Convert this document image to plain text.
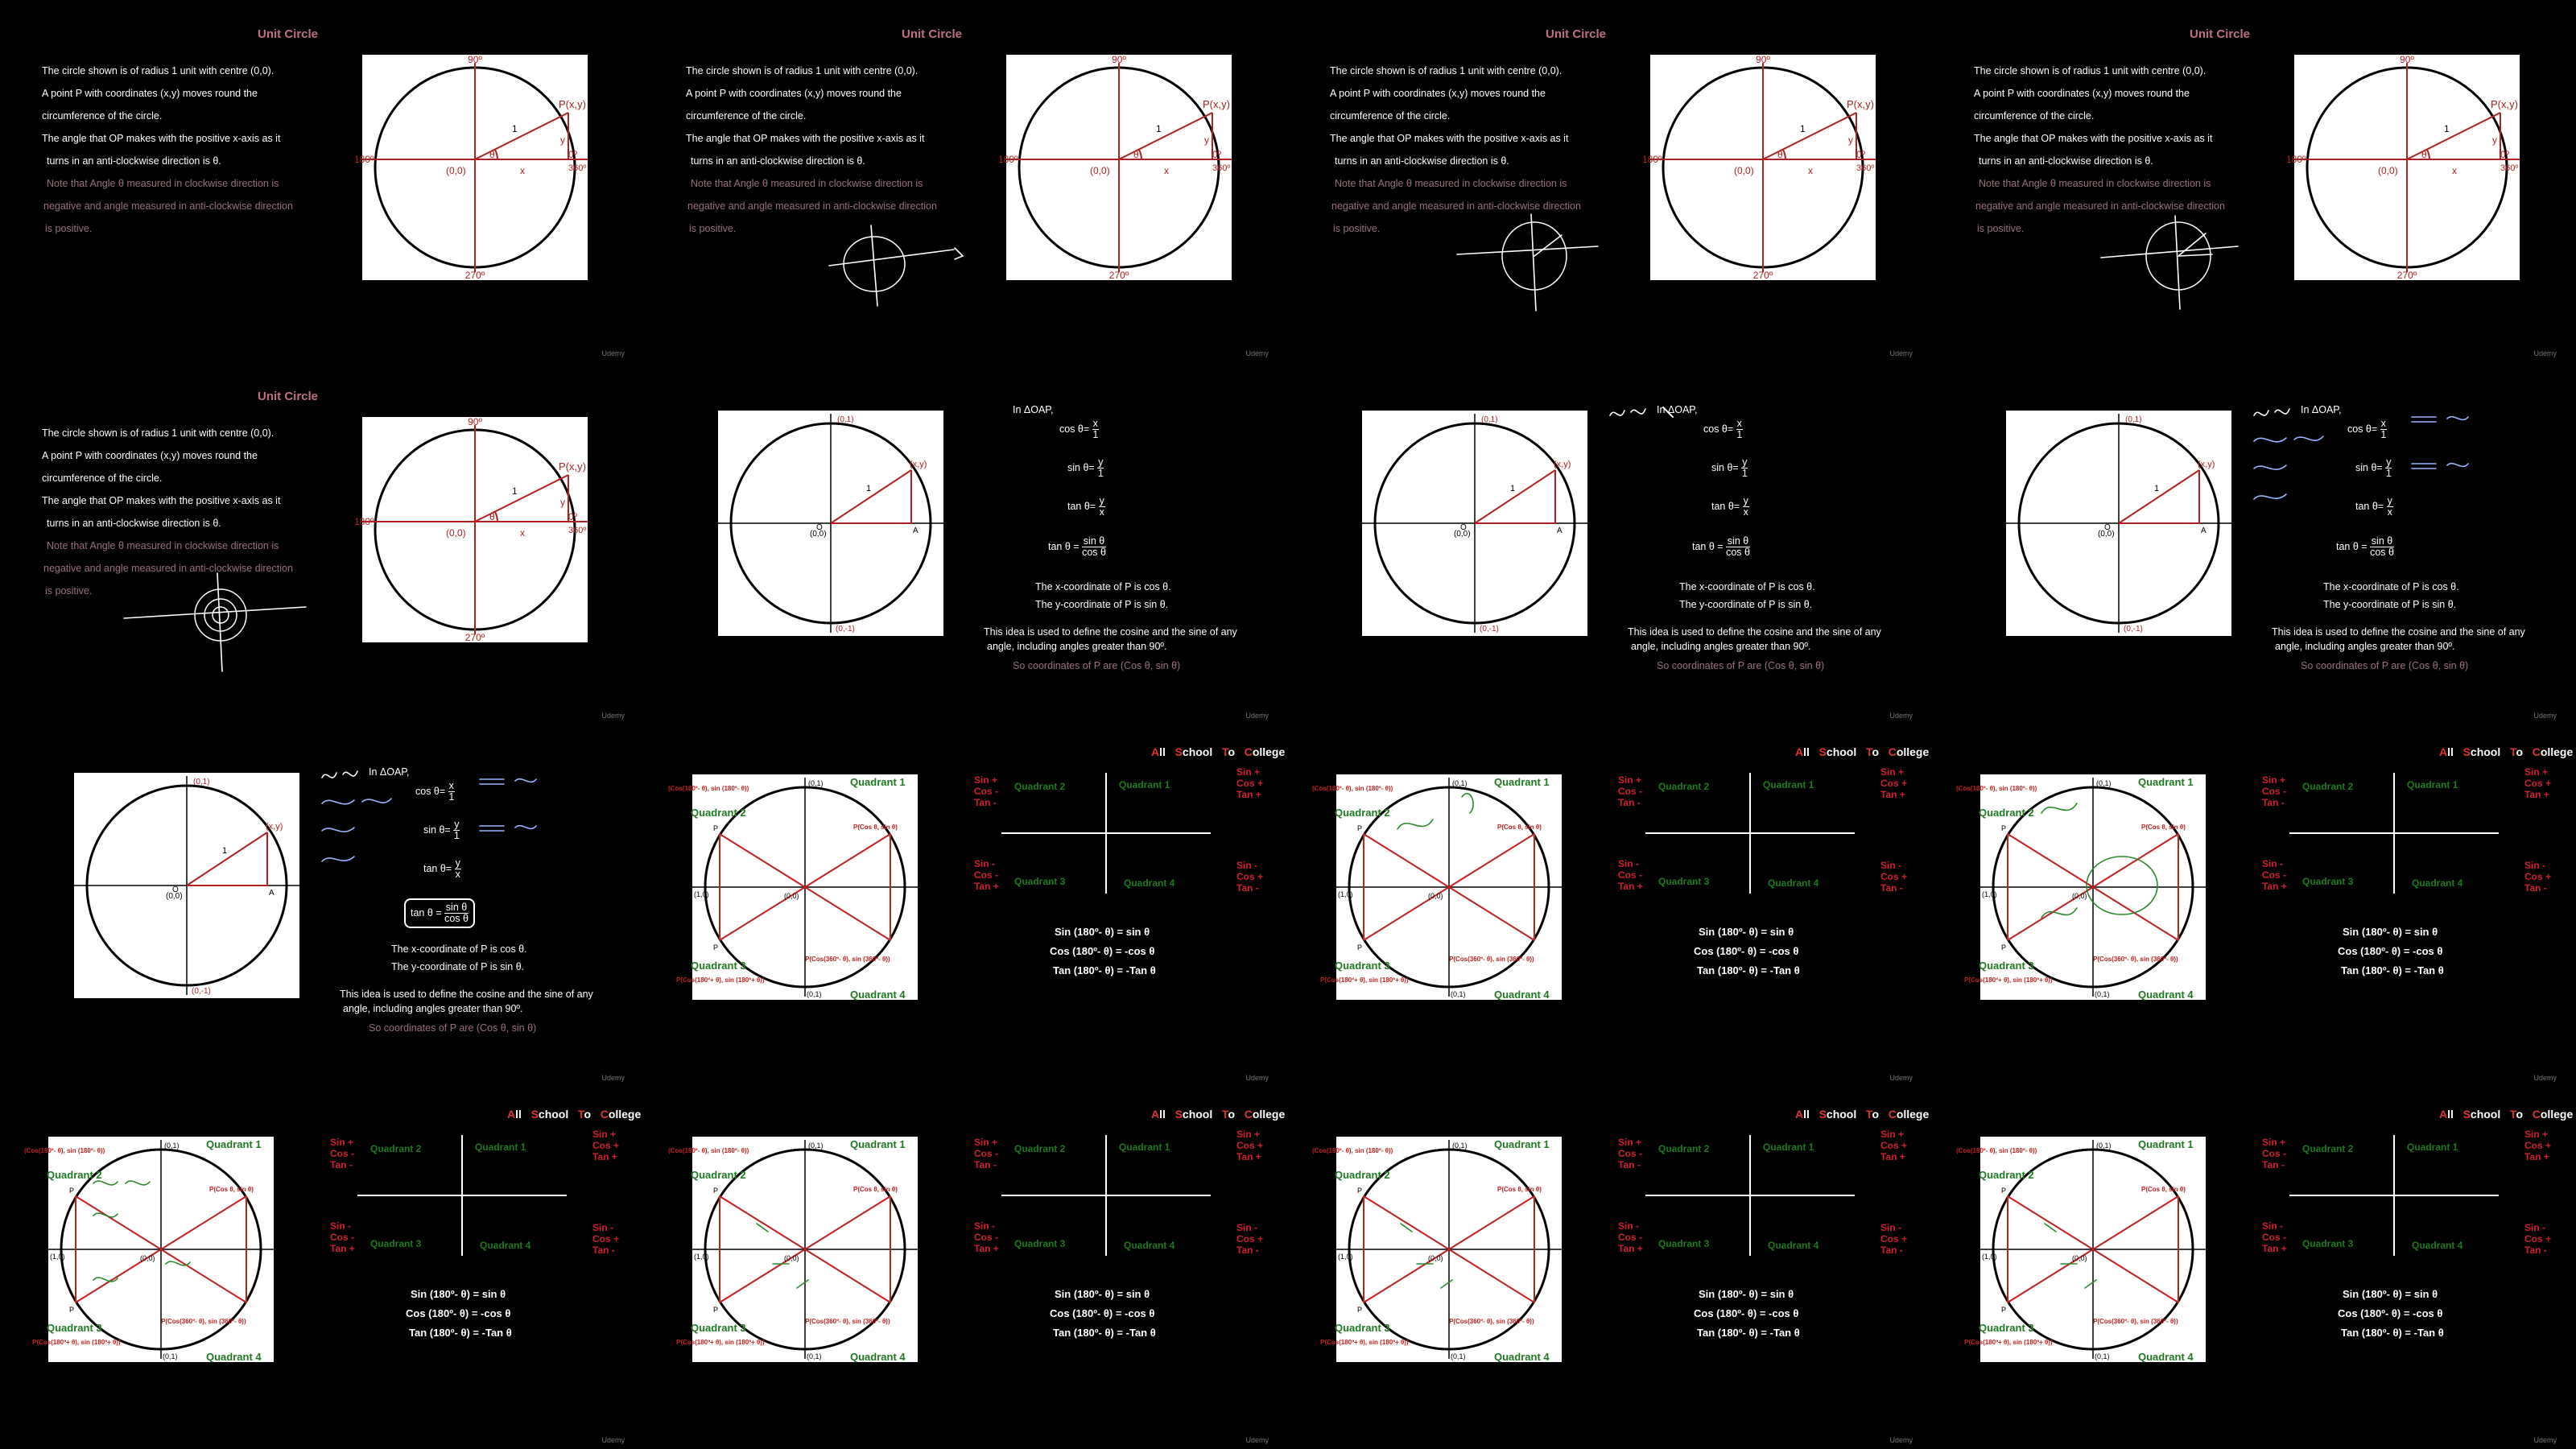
Unit Circle

The circle shown is of radius 1 unit with centre (0,0).

A point P with coordinates (x,y) moves round the

circumference of the circle.

The angle that OP makes with the positive x-axis as it

turns in an anti-clockwise direction is θ.

Note that Angle θ measured in clockwise direction is

negative and angle measured in anti-clockwise direction

is positive.

90º
270º
180º	0º
360º
P(x,y)
(0,0)
1
x
y
θ
Udemy
Unit Circle

The circle shown is of radius 1 unit with centre (0,0).

A point P with coordinates (x,y) moves round the

circumference of the circle.

The angle that OP makes with the positive x-axis as it

turns in an anti-clockwise direction is θ.

Note that Angle θ measured in clockwise direction is

negative and angle measured in anti-clockwise direction

is positive.

90º
270º
180º	0º
360º
P(x,y)
(0,0)
1
x
y
θ
Udemy
Unit Circle

The circle shown is of radius 1 unit with centre (0,0).

A point P with coordinates (x,y) moves round the

circumference of the circle.

The angle that OP makes with the positive x-axis as it

turns in an anti-clockwise direction is θ.

Note that Angle θ measured in clockwise direction is

negative and angle measured in anti-clockwise direction

is positive.

90º
270º
180º	0º
360º
P(x,y)
(0,0)
1
x
y
θ
Udemy
Unit Circle

The circle shown is of radius 1 unit with centre (0,0).

A point P with coordinates (x,y) moves round the

circumference of the circle.

The angle that OP makes with the positive x-axis as it

turns in an anti-clockwise direction is θ.

Note that Angle θ measured in clockwise direction is

negative and angle measured in anti-clockwise direction

is positive.

90º
270º
180º	0º
360º
P(x,y)
(0,0)
1
x
y
θ
Udemy
Unit Circle

The circle shown is of radius 1 unit with centre (0,0).

A point P with coordinates (x,y) moves round the

circumference of the circle.

The angle that OP makes with the positive x-axis as it

turns in an anti-clockwise direction is θ.

Note that Angle θ measured in clockwise direction is

negative and angle measured in anti-clockwise direction

is positive.

90º
270º
180º	0º
360º
P(x,y)
(0,0)
1
x
y
θ
Udemy
(0,1)
(0,-1)
(x,y)
(0,0)
O	A
1
In ΔOAP,
$\cos \theta= \frac{x}{1}$
$\sin \theta= \frac{y}{1}$
$\tan \theta= \frac{y}{x}$
$\tan \theta = \frac{\text{sin θ}}{\text{cos θ}}$
The x-coordinate of P is cos θ.
The y-coordinate of P is sin θ.
This idea is used to define the cosine and the sine of any
angle, including angles greater than 90º.
So coordinates of P are (Cos θ, sin θ)
Udemy
(0,1)
(0,-1)
(x,y)
(0,0)
O	A
1
In ΔOAP,
$\cos \theta= \frac{x}{1}$
$\sin \theta= \frac{y}{1}$
$\tan \theta= \frac{y}{x}$
$\tan \theta = \frac{\text{sin θ}}{\text{cos θ}}$
The x-coordinate of P is cos θ.
The y-coordinate of P is sin θ.
This idea is used to define the cosine and the sine of any
angle, including angles greater than 90º.
So coordinates of P are (Cos θ, sin θ)
Udemy
(0,1)
(0,-1)
(x,y)
(0,0)
O	A
1
In ΔOAP,
$\cos \theta= \frac{x}{1}$
$\sin \theta= \frac{y}{1}$
$\tan \theta= \frac{y}{x}$
$\tan \theta = \frac{\text{sin θ}}{\text{cos θ}}$
The x-coordinate of P is cos θ.
The y-coordinate of P is sin θ.
This idea is used to define the cosine and the sine of any
angle, including angles greater than 90º.
So coordinates of P are (Cos θ, sin θ)
Udemy
(0,1)
(0,-1)
(x,y)
(0,0)
O	A
1
In ΔOAP,
$\cos \theta= \frac{x}{1}$
$\sin \theta= \frac{y}{1}$
$\tan \theta= \frac{y}{x}$
$\tan \theta = \frac{\text{sin θ}}{\text{cos θ}}$
The x-coordinate of P is cos θ.
The y-coordinate of P is sin θ.
This idea is used to define the cosine and the sine of any
angle, including angles greater than 90º.
So coordinates of P are (Cos θ, sin θ)
Udemy
Quadrant 1
Quadrant 2
Quadrant 3
Quadrant 4
P(Cos θ, sin θ)
(Cos(180º- θ), sin (180º- θ))
P(Cos(180º+ θ), sin (180º+ θ))
P(Cos(360º- θ), sin (360º- θ))
(0,1)
(0,1)
(1,0)	(0,0)
P
P
All School To College
Quadrant 2	Quadrant 1
Quadrant 3	Quadrant 4
Sin +
Cos -
Tan -
Sin +
Cos +
Tan +
Sin -
Cos -
Tan +
Sin -
Cos +
Tan -
Sin (180º- θ) = sin θ
Cos (180º- θ) = -cos θ
Tan (180º- θ) = -Tan θ
Udemy
Quadrant 1
Quadrant 2
Quadrant 3
Quadrant 4
P(Cos θ, sin θ)
(Cos(180º- θ), sin (180º- θ))
P(Cos(180º+ θ), sin (180º+ θ))
P(Cos(360º- θ), sin (360º- θ))
(0,1)
(0,1)
(1,0)	(0,0)
P
P
All School To College
Quadrant 2	Quadrant 1
Quadrant 3	Quadrant 4
Sin +
Cos -
Tan -
Sin +
Cos +
Tan +
Sin -
Cos -
Tan +
Sin -
Cos +
Tan -
Sin (180º- θ) = sin θ
Cos (180º- θ) = -cos θ
Tan (180º- θ) = -Tan θ
Udemy
Quadrant 1
Quadrant 2
Quadrant 3
Quadrant 4
P(Cos θ, sin θ)
(Cos(180º- θ), sin (180º- θ))
P(Cos(180º+ θ), sin (180º+ θ))
P(Cos(360º- θ), sin (360º- θ))
(0,1)
(0,1)
(1,0)	(0,0)
P
P
All School To College
Quadrant 2	Quadrant 1
Quadrant 3	Quadrant 4
Sin +
Cos -
Tan -
Sin +
Cos +
Tan +
Sin -
Cos -
Tan +
Sin -
Cos +
Tan -
Sin (180º- θ) = sin θ
Cos (180º- θ) = -cos θ
Tan (180º- θ) = -Tan θ
Udemy
Quadrant 1
Quadrant 2
Quadrant 3
Quadrant 4
P(Cos θ, sin θ)
(Cos(180º- θ), sin (180º- θ))
P(Cos(180º+ θ), sin (180º+ θ))
P(Cos(360º- θ), sin (360º- θ))
(0,1)
(0,1)
(1,0)	(0,0)
P
P
All School To College
Quadrant 2	Quadrant 1
Quadrant 3	Quadrant 4
Sin +
Cos -
Tan -
Sin +
Cos +
Tan +
Sin -
Cos -
Tan +
Sin -
Cos +
Tan -
Sin (180º- θ) = sin θ
Cos (180º- θ) = -cos θ
Tan (180º- θ) = -Tan θ
Udemy
Quadrant 1
Quadrant 2
Quadrant 3
Quadrant 4
P(Cos θ, sin θ)
(Cos(180º- θ), sin (180º- θ))
P(Cos(180º+ θ), sin (180º+ θ))
P(Cos(360º- θ), sin (360º- θ))
(0,1)
(0,1)
(1,0)	(0,0)
P
P
All School To College
Quadrant 2	Quadrant 1
Quadrant 3	Quadrant 4
Sin +
Cos -
Tan -
Sin +
Cos +
Tan +
Sin -
Cos -
Tan +
Sin -
Cos +
Tan -
Sin (180º- θ) = sin θ
Cos (180º- θ) = -cos θ
Tan (180º- θ) = -Tan θ
Udemy
Quadrant 1
Quadrant 2
Quadrant 3
Quadrant 4
P(Cos θ, sin θ)
(Cos(180º- θ), sin (180º- θ))
P(Cos(180º+ θ), sin (180º+ θ))
P(Cos(360º- θ), sin (360º- θ))
(0,1)
(0,1)
(1,0)	(0,0)
P
P
All School To College
Quadrant 2	Quadrant 1
Quadrant 3	Quadrant 4
Sin +
Cos -
Tan -
Sin +
Cos +
Tan +
Sin -
Cos -
Tan +
Sin -
Cos +
Tan -
Sin (180º- θ) = sin θ
Cos (180º- θ) = -cos θ
Tan (180º- θ) = -Tan θ
Udemy
Quadrant 1
Quadrant 2
Quadrant 3
Quadrant 4
P(Cos θ, sin θ)
(Cos(180º- θ), sin (180º- θ))
P(Cos(180º+ θ), sin (180º+ θ))
P(Cos(360º- θ), sin (360º- θ))
(0,1)
(0,1)
(1,0)	(0,0)
P
P
All School To College
Quadrant 2	Quadrant 1
Quadrant 3	Quadrant 4
Sin +
Cos -
Tan -
Sin +
Cos +
Tan +
Sin -
Cos -
Tan +
Sin -
Cos +
Tan -
Sin (180º- θ) = sin θ
Cos (180º- θ) = -cos θ
Tan (180º- θ) = -Tan θ
Udemy
